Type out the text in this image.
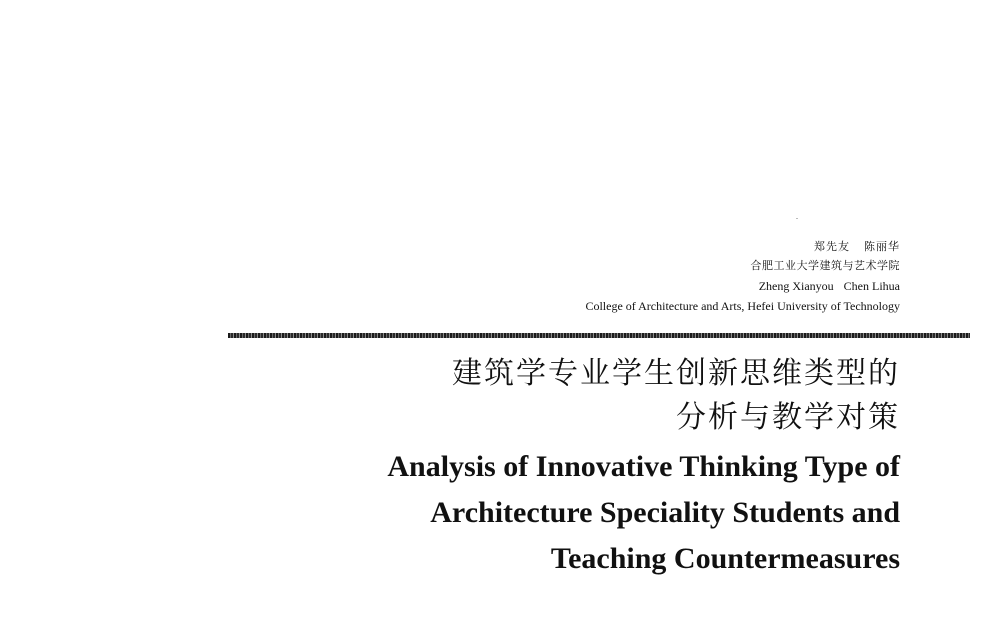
郑先友 陈丽华
合肥工业大学建筑与艺术学院
Zheng Xianyou Chen Lihua
College of Architecture and Arts, Hefei University of Technology
建筑学专业学生创新思维类型的
分析与教学对策
Analysis of Innovative Thinking Type of
Architecture Speciality Students and
Teaching Countermeasures
